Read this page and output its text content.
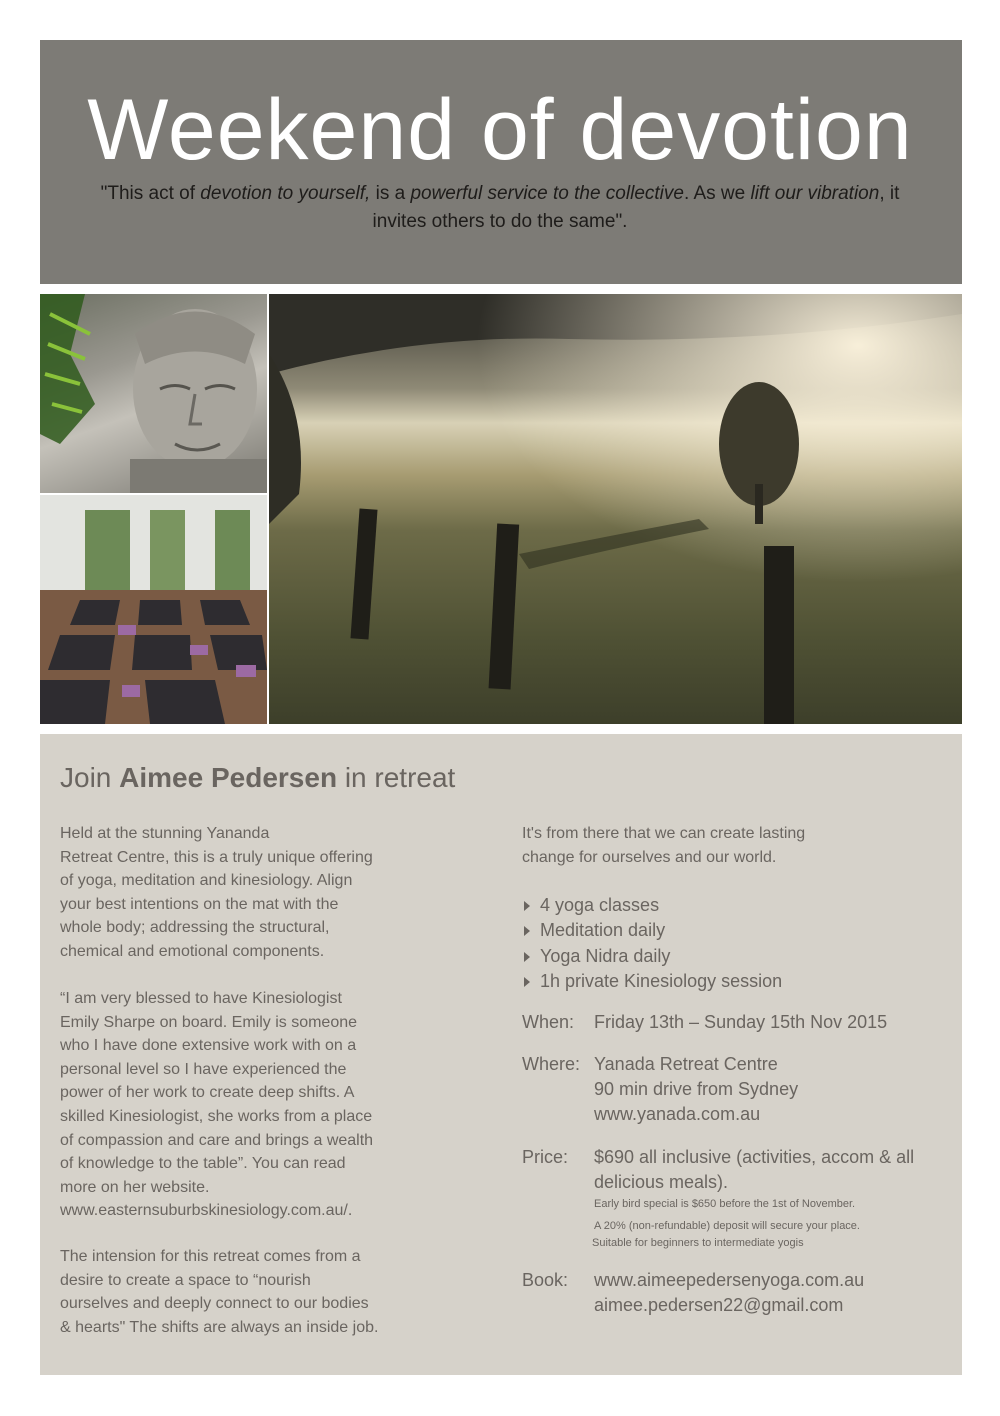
Weekend of devotion
"This act of devotion to yourself, is a powerful service to the collective. As we lift our vibration, it invites others to do the same".
Join Aimee Pedersen in retreat

Held at the stunning Yananda
Retreat Centre, this is a truly unique offering
of yoga, meditation and kinesiology. Align
your best intentions on the mat with the
whole body; addressing the structural,
chemical and emotional components.

“I am very blessed to have Kinesiologist
Emily Sharpe on board. Emily is someone
who I have done extensive work with on a
personal level so I have experienced the
power of her work to create deep shifts. A
skilled Kinesiologist, she works from a place
of compassion and care and brings a wealth
of knowledge to the table”. You can read
more on her website.
www.easternsuburbskinesiology.com.au/.

The intension for this retreat comes from a
desire to create a space to “nourish
ourselves and deeply connect to our bodies
& hearts" The shifts are always an inside job.

It's from there that we can create lasting
change for ourselves and our world.

4 yoga classes
Meditation daily
Yoga Nidra daily
1h private Kinesiology session
When: Friday 13th – Sunday 15th Nov 2015
Where: Yanada Retreat Centre
90 min drive from Sydney
www.yanada.com.au
Price: $690 all inclusive (activities, accom & all delicious meals).
Early bird special is $650 before the 1st of November.
A 20% (non-refundable) deposit will secure your place.
Suitable for beginners to intermediate yogis
Book: www.aimeepedersenyoga.com.au
aimee.pedersen22@gmail.com
